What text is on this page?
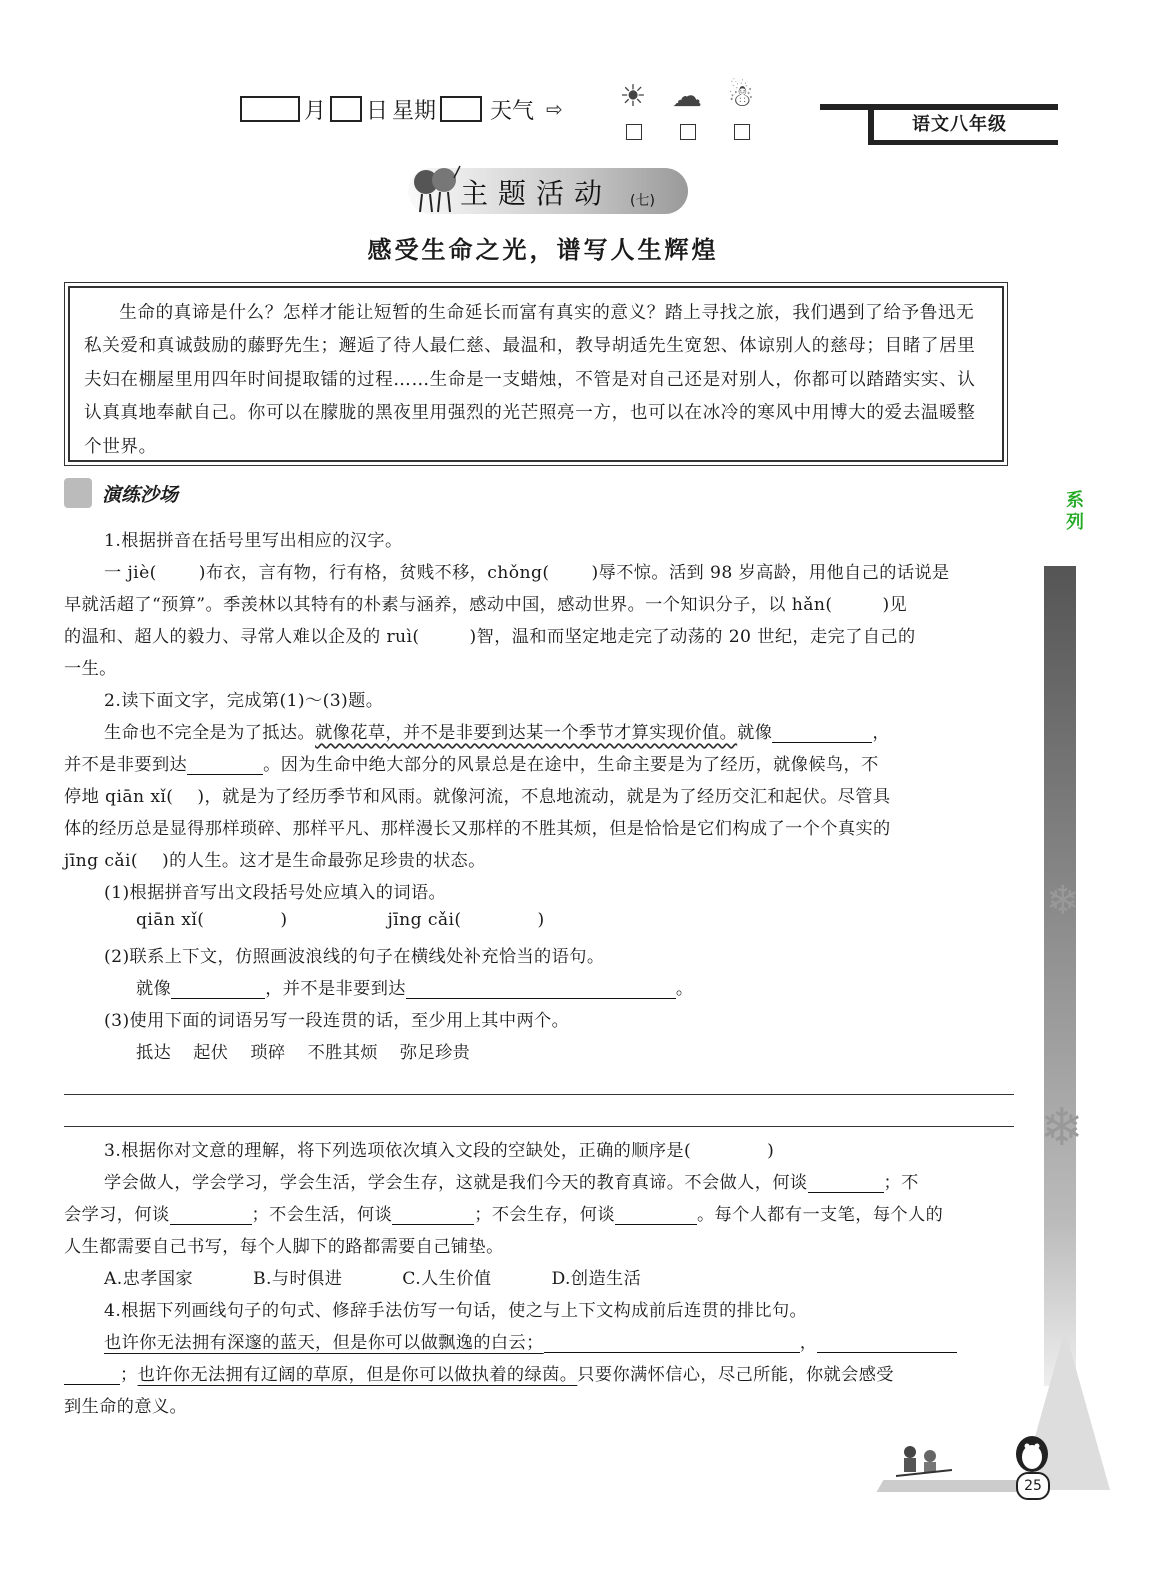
月 日 星期 天气 ⇨ ☀ ☁ ☃
语文八年级
主题活动 (七)
感受生命之光，谱写人生辉煌
生命的真谛是什么？怎样才能让短暂的生命延长而富有真实的意义？踏上寻找之旅，我们遇到了给予鲁迅无私关爱和真诚鼓励的藤野先生；邂逅了待人最仁慈、最温和，教导胡适先生宽恕、体谅别人的慈母；目睹了居里夫妇在棚屋里用四年时间提取镭的过程……生命是一支蜡烛，不管是对自己还是对别人，你都可以踏踏实实、认认真真地奉献自己。你可以在朦胧的黑夜里用强烈的光芒照亮一方，也可以在冰冷的寒风中用博大的爱去温暖整个世界。
演练沙场
1.根据拼音在括号里写出相应的汉字。
一 jiè( )布衣，言有物，行有格，贫贱不移，chǒng( )辱不惊。活到 98 岁高龄，用他自己的话说是
早就活超了“预算”。季羡林以其特有的朴素与涵养，感动中国，感动世界。一个知识分子，以 hǎn(	)见
的温和、超人的毅力、寻常人难以企及的 ruì(	)智，温和而坚定地走完了动荡的 20 世纪，走完了自己的
一生。
2.读下面文字，完成第(1)～(3)题。
生命也不完全是为了抵达。就像花草，并不是非要到达某一个季节才算实现价值。就像	，
并不是非要到达	。因为生命中绝大部分的风景总是在途中，生命主要是为了经历，就像候鸟，不
停地 qiān xǐ( )，就是为了经历季节和风雨。就像河流，不息地流动，就是为了经历交汇和起伏。尽管具
体的经历总是显得那样琐碎、那样平凡、那样漫长又那样的不胜其烦，但是恰恰是它们构成了一个个真实的
jīng cǎi( )的人生。这才是生命最弥足珍贵的状态。
(1)根据拼音写出文段括号处应填入的词语。
qiān xǐ(	)	jīng cǎi(	)
(2)联系上下文，仿照画波浪线的句子在横线处补充恰当的语句。
就像	，并不是非要到达	。
(3)使用下面的词语另写一段连贯的话，至少用上其中两个。
抵达 起伏 琐碎 不胜其烦 弥足珍贵
3.根据你对文意的理解，将下列选项依次填入文段的空缺处，正确的顺序是(	)
学会做人，学会学习，学会生活，学会生存，这就是我们今天的教育真谛。不会做人，何谈	；不
会学习，何谈	；不会生活，何谈	；不会生存，何谈	。每个人都有一支笔，每个人的
人生都需要自己书写，每个人脚下的路都需要自己铺垫。
A.忠孝国家	B.与时俱进	C.人生价值	D.创造生活
4.根据下列画线句子的句式、修辞手法仿写一句话，使之与上下文构成前后连贯的排比句。
也许你无法拥有深邃的蓝天，但是你可以做飘逸的白云；	，
；也许你无法拥有辽阔的草原，但是你可以做执着的绿茵。只要你满怀信心，尽己所能，你就会感受
到生命的意义。
系列
❄
❄
25
